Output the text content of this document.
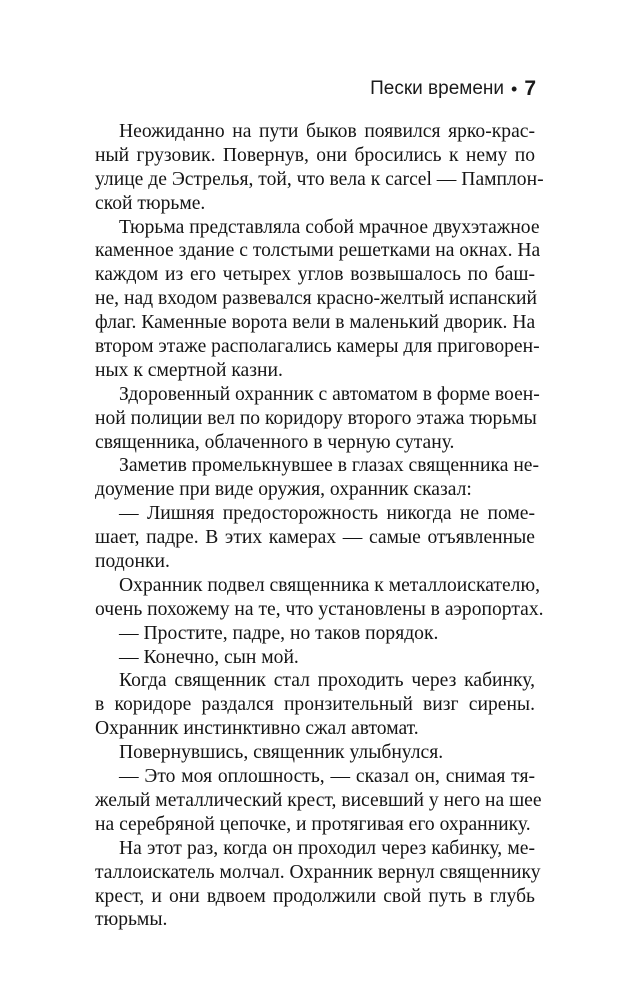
Пески времени • 7

Неожиданно на пути быков появился ярко-крас-
ный грузовик. Повернув, они бросились к нему по
улице де Эстрелья, той, что вела к carcel — Памплон-
ской тюрьме.

Тюрьма представляла собой мрачное двухэтажное
каменное здание с толстыми решетками на окнах. На
каждом из его четырех углов возвышалось по баш-
не, над входом развевался красно-желтый испанский
флаг. Каменные ворота вели в маленький дворик. На
втором этаже располагались камеры для приговорен-
ных к смертной казни.

Здоровенный охранник с автоматом в форме воен-
ной полиции вел по коридору второго этажа тюрьмы
священника, облаченного в черную сутану.

Заметив промелькнувшее в глазах священника не-
доумение при виде оружия, охранник сказал:

— Лишняя предосторожность никогда не поме-
шает, падре. В этих камерах — самые отъявленные
подонки.

Охранник подвел священника к металлоискателю,
очень похожему на те, что установлены в аэропортах.

— Простите, падре, но таков порядок.

— Конечно, сын мой.

Когда священник стал проходить через кабинку,
в коридоре раздался пронзительный визг сирены.
Охранник инстинктивно сжал автомат.

Повернувшись, священник улыбнулся.

— Это моя оплошность, — сказал он, снимая тя-
желый металлический крест, висевший у него на шее
на серебряной цепочке, и протягивая его охраннику.

На этот раз, когда он проходил через кабинку, ме-
таллоискатель молчал. Охранник вернул священнику
крест, и они вдвоем продолжили свой путь в глубь
тюрьмы.
